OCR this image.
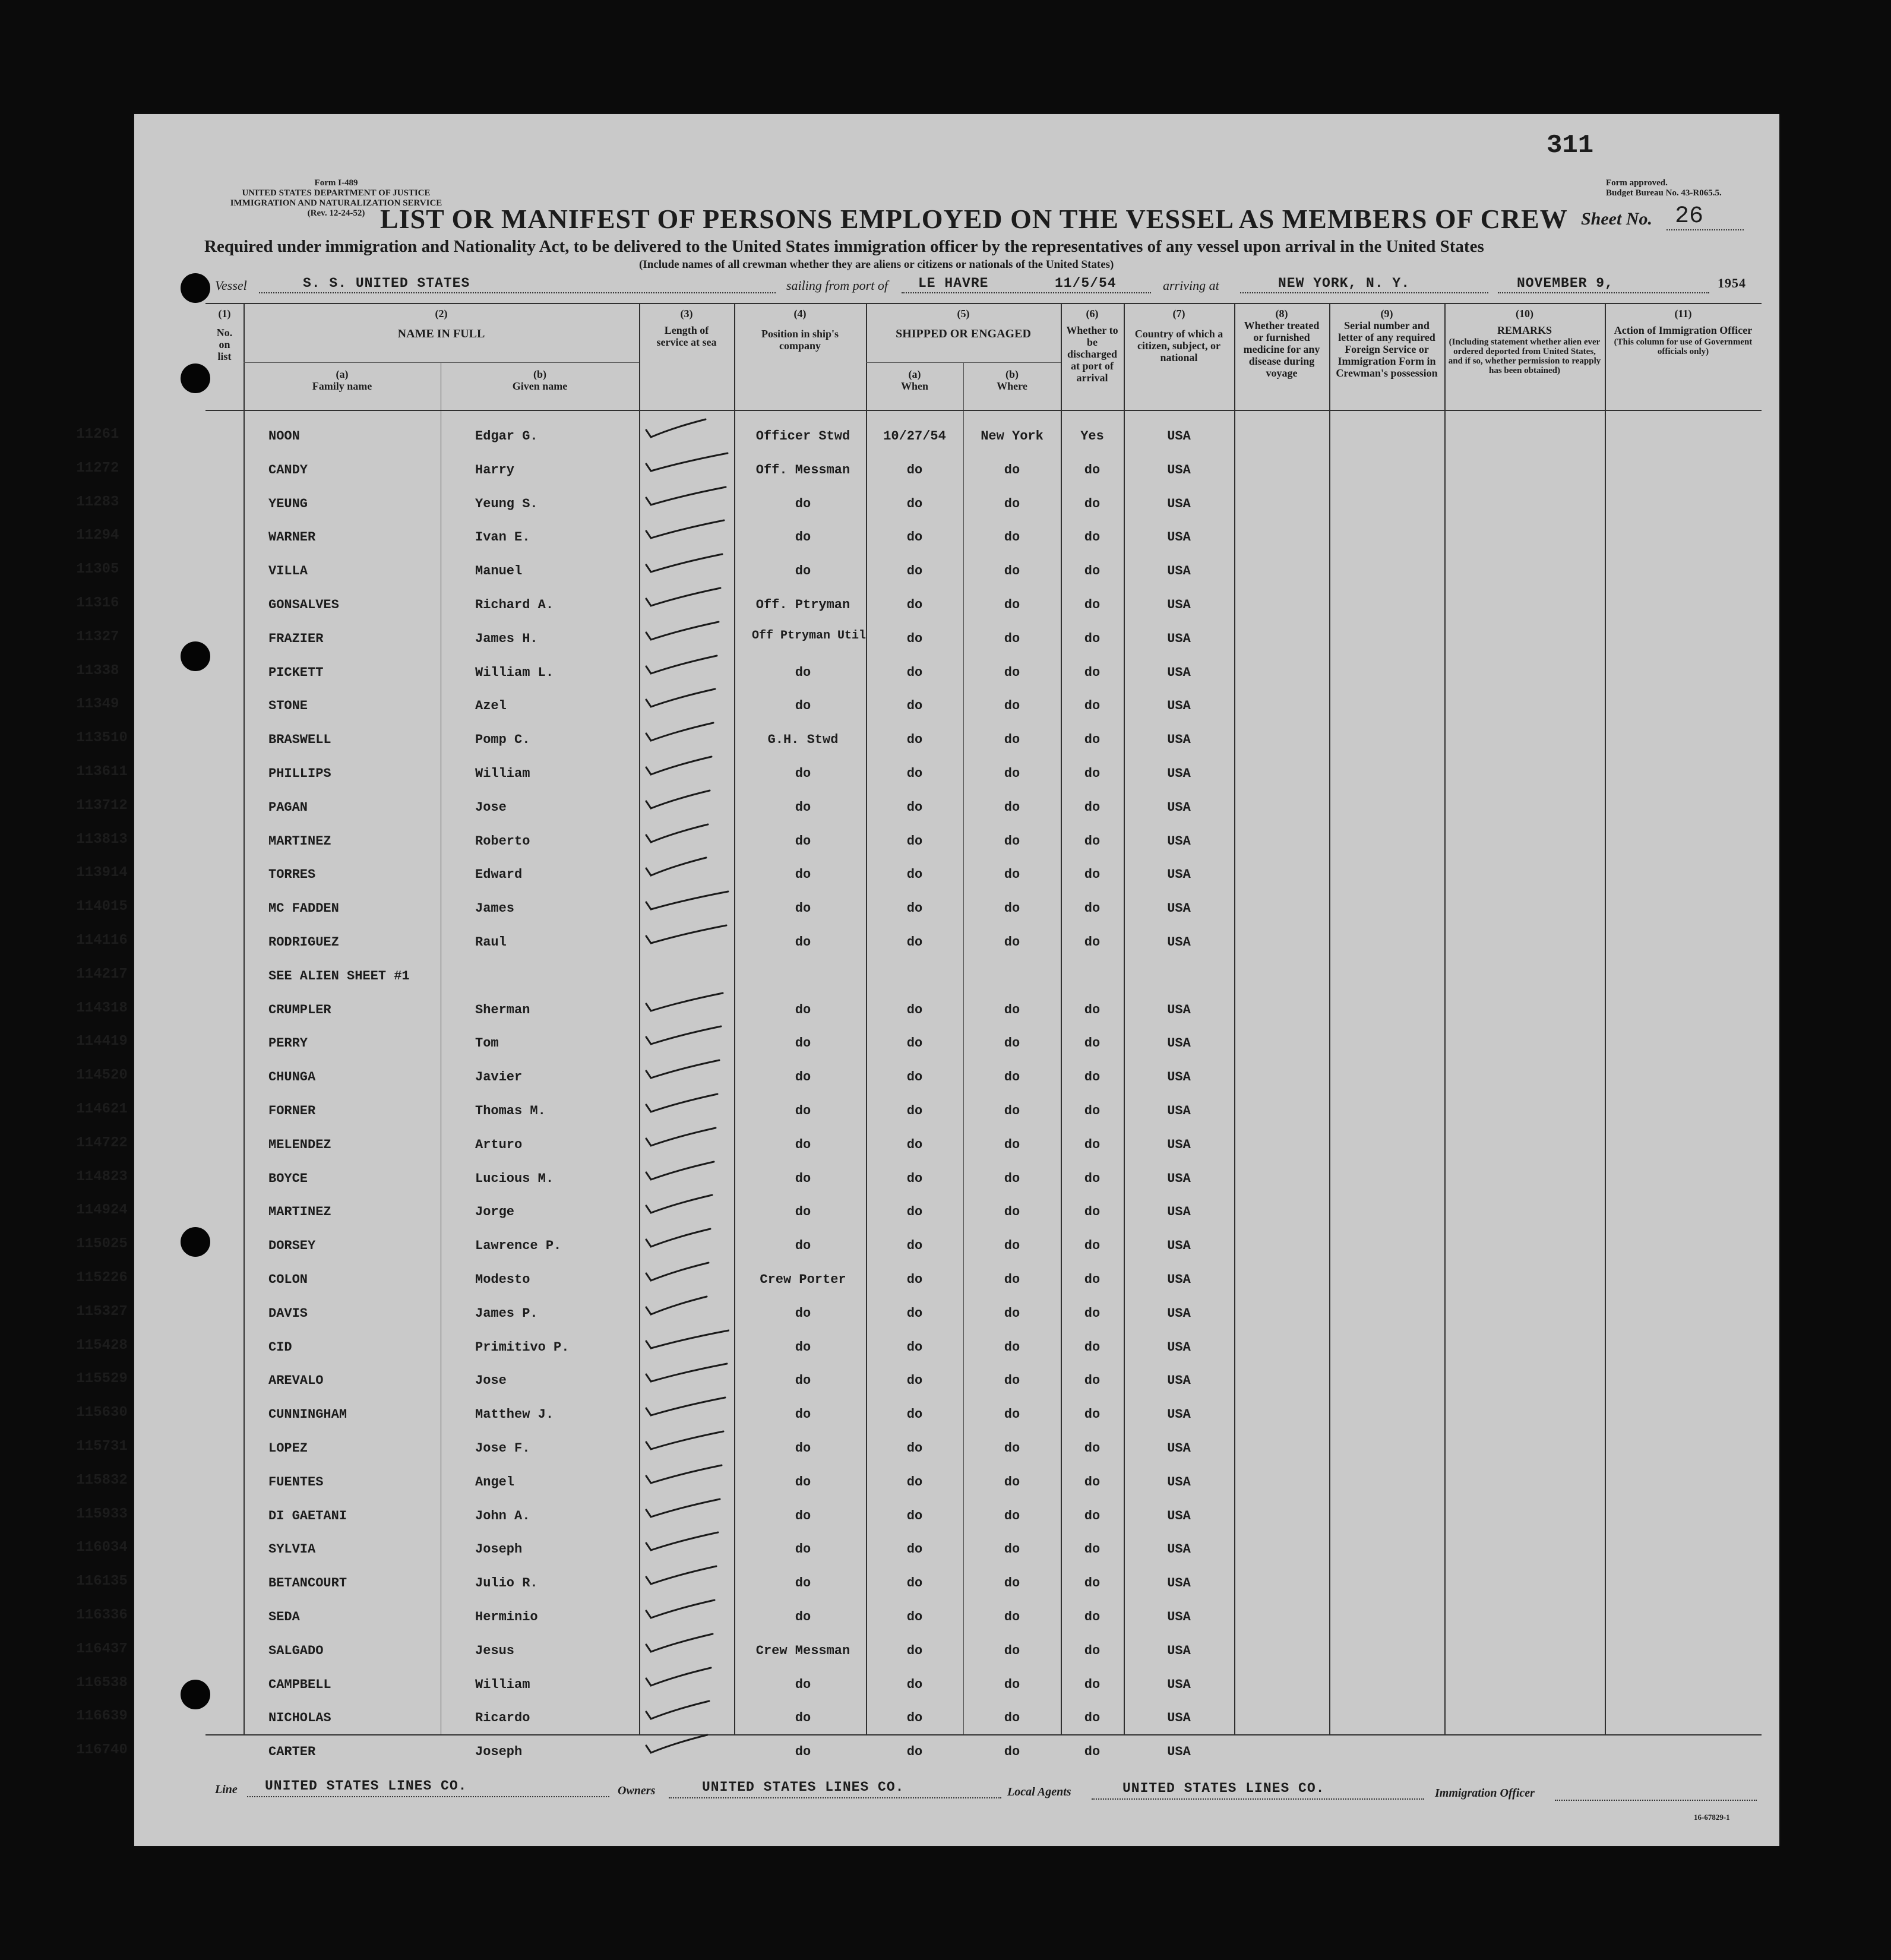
311
Form I-489
UNITED STATES DEPARTMENT OF JUSTICE
IMMIGRATION AND NATURALIZATION SERVICE
(Rev. 12-24-52)
Form approved.
Budget Bureau No. 43-R065.5.
LIST OR MANIFEST OF PERSONS EMPLOYED ON THE VESSEL AS MEMBERS OF CREW Sheet No. 26
Required under immigration and Nationality Act, to be delivered to the United States immigration officer by the representatives of any vessel upon arrival in the United States
(Include names of all crewman whether they are aliens or citizens or nationals of the United States)
Vessel	S. S. UNITED STATES	sailing from port of LE HAVRE	11/5/54	arriving at	NEW YORK, N. Y.	NOVEMBER 9,	1954
(1)
No. on list
(2)
NAME IN FULL
(a)
Family name
(b)
Given name
(3)
Length of service at sea
(4)
Position in ship's company
(5)
SHIPPED OR ENGAGED
(a)
When
(b)
Where
(6)
Whether to be discharged at port of arrival
(7)
Country of which a citizen, subject, or national
(8)
Whether treated or furnished medicine for any disease during voyage
(9)
Serial number and letter of any required Foreign Service or Immigration Form in Crewman's possession
(10)
REMARKS
(Including statement whether alien ever ordered deported from United States, and if so, whether permission to reapply has been obtained)
(11)
Action of Immigration Officer
(This column for use of Government officials only)
1126 1	NOON	Edgar G.	Officer Stwd	10/27/54	New York	Yes	USA
1127 2	CANDY	Harry	Off. Messman	do	do	do	USA
1128 3	YEUNG	Yeung S.	do	do	do	do	USA
1129 4	WARNER	Ivan E.	do	do	do	do	USA
1130 5	VILLA	Manuel	do	do	do	do	USA
1131 6	GONSALVES	Richard A.	Off. Ptryman	do	do	do	USA
1132 7	FRAZIER	James H.	Off Ptryman Util	do	do	do	USA
1133 8	PICKETT	William L.	do	do	do	do	USA
1134 9	STONE	Azel	do	do	do	do	USA
1135 10	BRASWELL	Pomp C.	G.H. Stwd	do	do	do	USA
1136 11	PHILLIPS	William	do	do	do	do	USA
1137 12	PAGAN	Jose	do	do	do	do	USA
1138 13	MARTINEZ	Roberto	do	do	do	do	USA
1139 14	TORRES	Edward	do	do	do	do	USA
1140 15	MC FADDEN	James	do	do	do	do	USA
1141 16	RODRIGUEZ	Raul	do	do	do	do	USA
1142 17	SEE ALIEN SHEET #1
1143 18	CRUMPLER	Sherman	do	do	do	do	USA
1144 19	PERRY	Tom	do	do	do	do	USA
1145 20	CHUNGA	Javier	do	do	do	do	USA
1146 21	FORNER	Thomas M.	do	do	do	do	USA
1147 22	MELENDEZ	Arturo	do	do	do	do	USA
1148 23	BOYCE	Lucious M.	do	do	do	do	USA
1149 24	MARTINEZ	Jorge	do	do	do	do	USA
1150 25	DORSEY	Lawrence P.	do	do	do	do	USA
1152 26	COLON	Modesto	Crew Porter	do	do	do	USA
1153 27	DAVIS	James P.	do	do	do	do	USA
1154 28	CID	Primitivo P.	do	do	do	do	USA
1155 29	AREVALO	Jose	do	do	do	do	USA
1156 30	CUNNINGHAM	Matthew J.	do	do	do	do	USA
1157 31	LOPEZ	Jose F.	do	do	do	do	USA
1158 32	FUENTES	Angel	do	do	do	do	USA
1159 33	DI GAETANI	John A.	do	do	do	do	USA
1160 34	SYLVIA	Joseph	do	do	do	do	USA
1161 35	BETANCOURT	Julio R.	do	do	do	do	USA
1163 36	SEDA	Herminio	do	do	do	do	USA
1164 37	SALGADO	Jesus	Crew Messman	do	do	do	USA
1165 38	CAMPBELL	William	do	do	do	do	USA
1166 39	NICHOLAS	Ricardo	do	do	do	do	USA
1167 40	CARTER	Joseph	do	do	do	do	USA
Line UNITED STATES LINES CO.	Owners	UNITED STATES LINES CO.	Local Agents	UNITED STATES LINES CO.	Immigration Officer
16-67829-1
